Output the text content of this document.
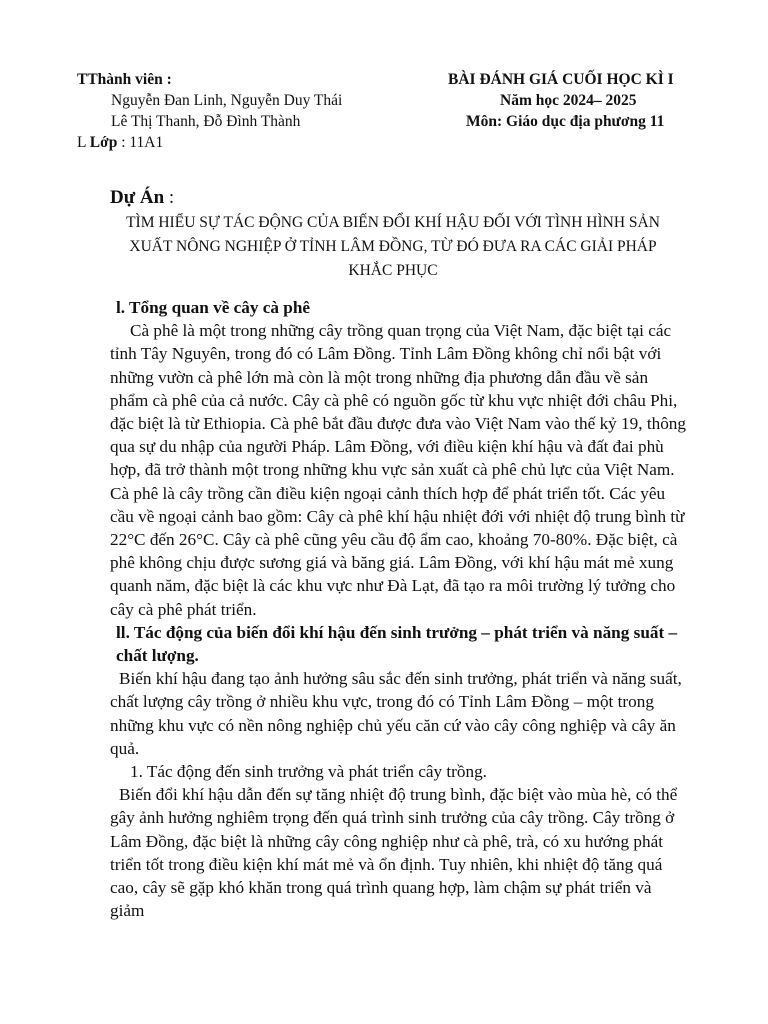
TThành viên :
Nguyễn Đan Linh, Nguyễn Duy Thái
Lê Thị Thanh, Đỗ Đình Thành
L Lớp : 11A1
BÀI ĐÁNH GIÁ CUỐI HỌC KÌ I
Năm học 2024– 2025
Môn: Giáo dục địa phương 11
Dự Án :
TÌM HIỂU SỰ TÁC ĐỘNG CỦA BIẾN ĐỔI KHÍ HẬU ĐỐI VỚI TÌNH HÌNH SẢN XUẤT NÔNG NGHIỆP Ở TỈNH LÂM ĐỒNG, TỪ ĐÓ ĐƯA RA CÁC GIẢI PHÁP KHẮC PHỤC

l. Tổng quan về cây cà phê

Cà phê là một trong những cây trồng quan trọng của Việt Nam, đặc biệt tại các tỉnh Tây Nguyên, trong đó có Lâm Đồng. Tỉnh Lâm Đồng không chỉ nổi bật với những vườn cà phê lớn mà còn là một trong những địa phương dẫn đầu về sản phẩm cà phê của cả nước. Cây cà phê có nguồn gốc từ khu vực nhiệt đới châu Phi, đặc biệt là từ Ethiopia. Cà phê bắt đầu được đưa vào Việt Nam vào thế kỷ 19, thông qua sự du nhập của người Pháp. Lâm Đồng, với điều kiện khí hậu và đất đai phù hợp, đã trở thành một trong những khu vực sản xuất cà phê chủ lực của Việt Nam. Cà phê là cây trồng cần điều kiện ngoại cảnh thích hợp để phát triển tốt. Các yêu cầu về ngoại cảnh bao gồm: Cây cà phê khí hậu nhiệt đới với nhiệt độ trung bình từ 22°C đến 26°C. Cây cà phê cũng yêu cầu độ ẩm cao, khoảng 70-80%. Đặc biệt, cà phê không chịu được sương giá và băng giá. Lâm Đồng, với khí hậu mát mẻ xung quanh năm, đặc biệt là các khu vực như Đà Lạt, đã tạo ra môi trường lý tưởng cho cây cà phê phát triển.

ll. Tác động của biến đổi khí hậu đến sinh trưởng – phát triển và năng suất – chất lượng.

Biến khí hậu đang tạo ảnh hưởng sâu sắc đến sinh trưởng, phát triển và năng suất, chất lượng cây trồng ở nhiều khu vực, trong đó có Tỉnh Lâm Đồng – một trong những khu vực có nền nông nghiệp chủ yếu căn cứ vào cây công nghiệp và cây ăn quả.

1. Tác động đến sinh trưởng và phát triển cây trồng.

Biến đổi khí hậu dẫn đến sự tăng nhiệt độ trung bình, đặc biệt vào mùa hè, có thể gây ảnh hưởng nghiêm trọng đến quá trình sinh trưởng của cây trồng. Cây trồng ở Lâm Đồng, đặc biệt là những cây công nghiệp như cà phê, trà, có xu hướng phát triển tốt trong điều kiện khí mát mẻ và ổn định. Tuy nhiên, khi nhiệt độ tăng quá cao, cây sẽ gặp khó khăn trong quá trình quang hợp, làm chậm sự phát triển và giảm
